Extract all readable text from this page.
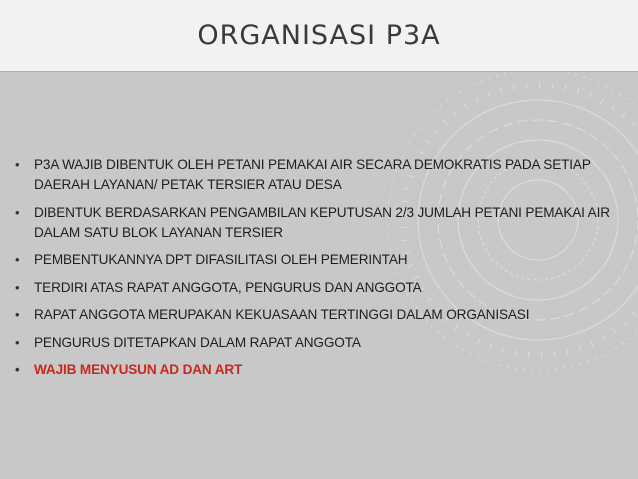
ORGANISASI P3A
• P3A WAJIB DIBENTUK OLEH PETANI PEMAKAI AIR SECARA DEMOKRATIS PADA SETIAP DAERAH LAYANAN/ PETAK TERSIER ATAU DESA
• DIBENTUK BERDASARKAN PENGAMBILAN KEPUTUSAN 2/3 JUMLAH PETANI PEMAKAI AIR DALAM SATU BLOK LAYANAN TERSIER
• PEMBENTUKANNYA DPT DIFASILITASI OLEH PEMERINTAH
• TERDIRI ATAS RAPAT ANGGOTA, PENGURUS DAN ANGGOTA
• RAPAT ANGGOTA MERUPAKAN KEKUASAAN TERTINGGI DALAM ORGANISASI
• PENGURUS DITETAPKAN DALAM RAPAT ANGGOTA
• WAJIB MENYUSUN AD DAN ART
